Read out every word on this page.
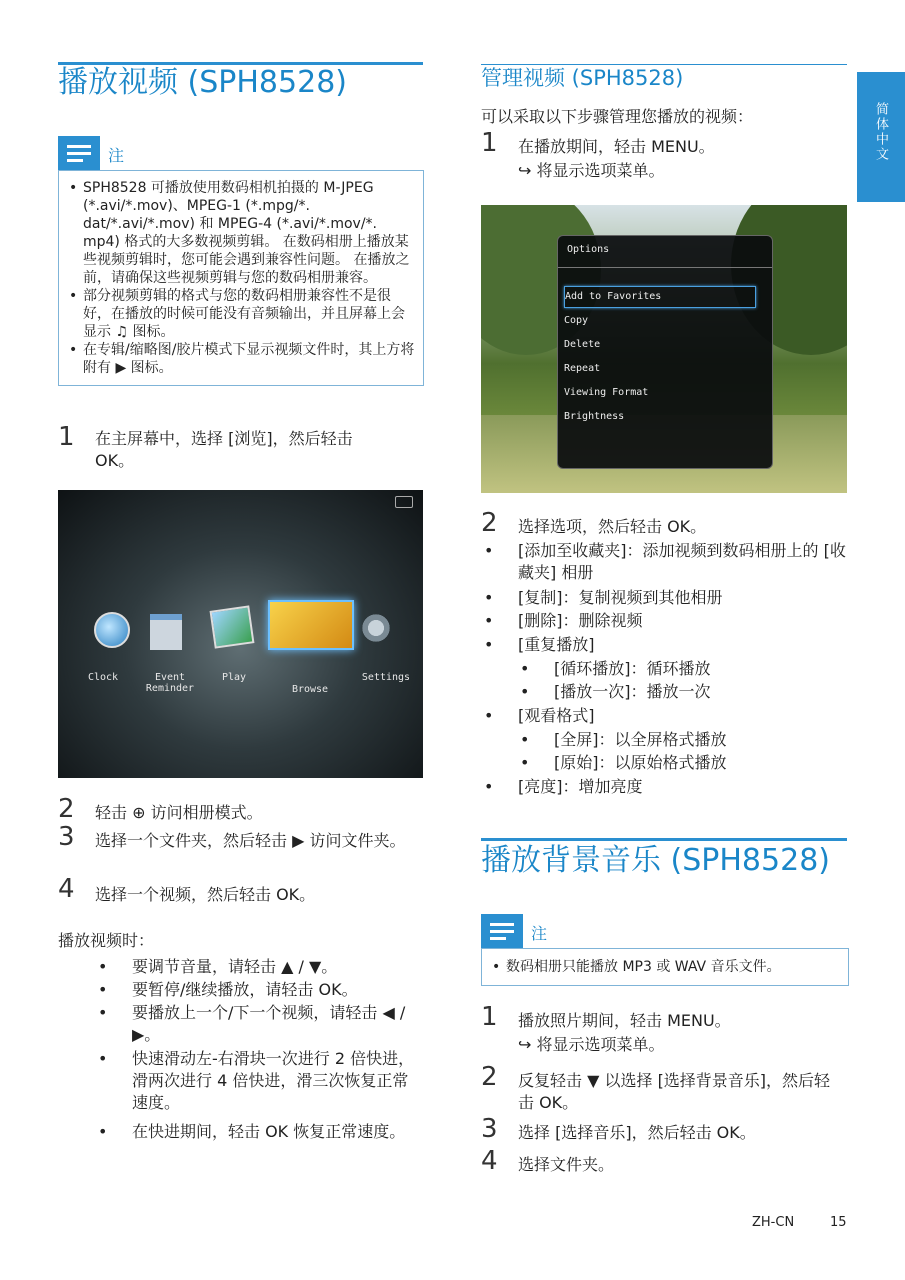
简体中文
播放视频 (SPH8528)
注
• SPH8528 可播放使用数码相机拍摄的 M-JPEG (*.avi/*.mov)、MPEG-1 (*.mpg/*. dat/*.avi/*.mov) 和 MPEG-4 (*.avi/*.mov/*. mp4) 格式的大多数视频剪辑。 在数码相册上播放某些视频剪辑时，您可能会遇到兼容性问题。 在播放之前，请确保这些视频剪辑与您的数码相册兼容。
• 部分视频剪辑的格式与您的数码相册兼容性不是很好，在播放的时候可能没有音频输出，并且屏幕上会显示 ♫ 图标。
• 在专辑/缩略图/胶片模式下显示视频文件时，其上方将附有 ▶ 图标。
1 在主屏幕中，选择 [浏览]，然后轻击 OK。
Clock	Event Reminder
Play
Browse
Settings
2 轻击 ⊕ 访问相册模式。
3 选择一个文件夹，然后轻击 ▶ 访问文件夹。
4 选择一个视频，然后轻击 OK。
播放视频时：
• 要调节音量，请轻击 ▲ / ▼。
• 要暂停/继续播放，请轻击 OK。
• 要播放上一个/下一个视频，请轻击 ◀ / ▶。
• 快速滑动左-右滑块一次进行 2 倍快进，滑两次进行 4 倍快进，滑三次恢复正常速度。
• 在快进期间，轻击 OK 恢复正常速度。
管理视频 (SPH8528)
可以采取以下步骤管理您播放的视频：
1 在播放期间，轻击 MENU。
↪ 将显示选项菜单。
Options
Add to Favorites
Copy
Delete
Repeat
Viewing Format
Brightness
2 选择选项，然后轻击 OK。
• [添加至收藏夹]：添加视频到数码相册上的 [收藏夹] 相册
• [复制]：复制视频到其他相册
• [删除]：删除视频
• [重复播放]
• [循环播放]：循环播放
• [播放一次]：播放一次
• [观看格式]
• [全屏]：以全屏格式播放
• [原始]：以原始格式播放
• [亮度]：增加亮度
播放背景音乐 (SPH8528)
注
• 数码相册只能播放 MP3 或 WAV 音乐文件。
1 播放照片期间，轻击 MENU。
↪ 将显示选项菜单。
2 反复轻击 ▼ 以选择 [选择背景音乐]，然后轻击 OK。
3 选择 [选择音乐]，然后轻击 OK。
4 选择文件夹。
ZH-CN	15
